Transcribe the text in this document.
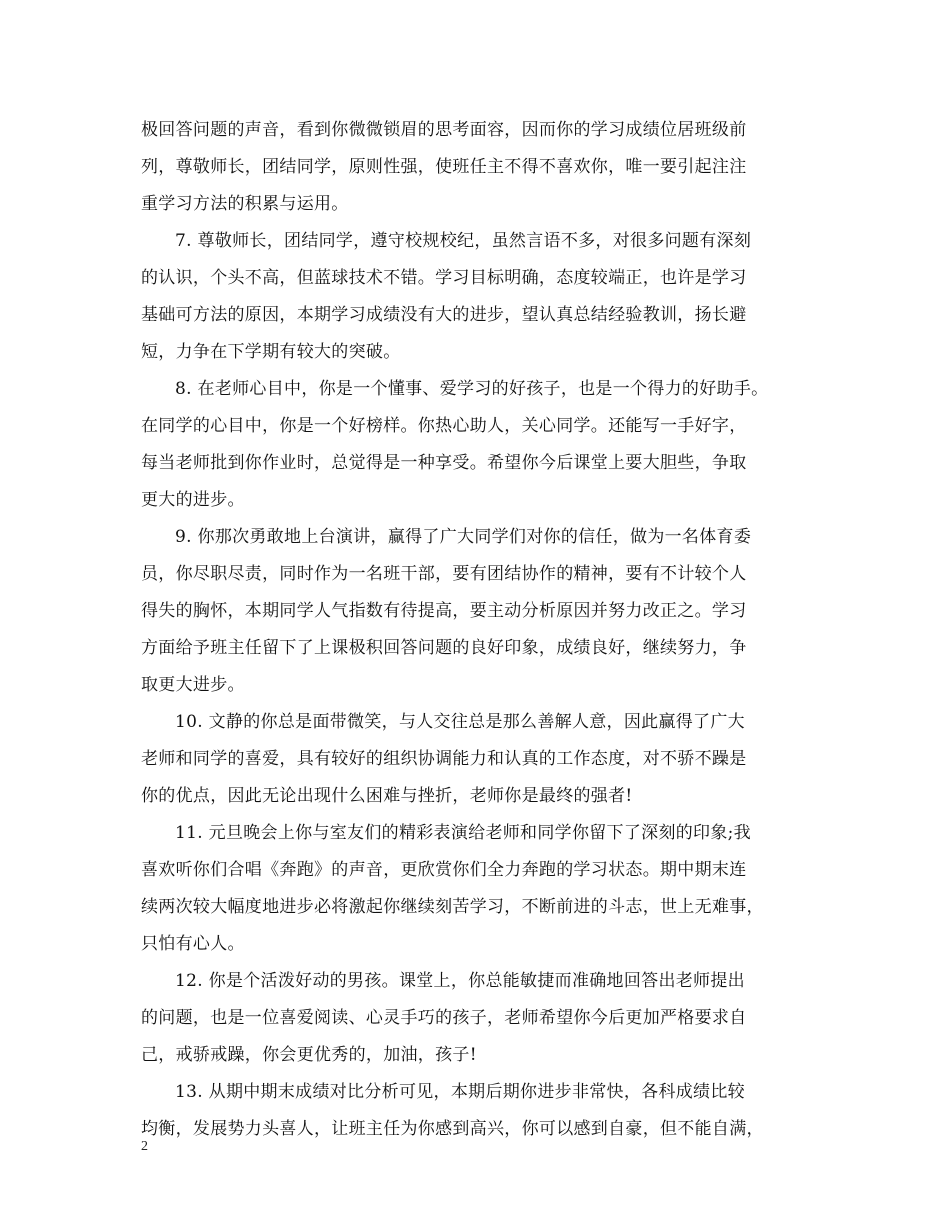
极回答问题的声音，看到你微微锁眉的思考面容，因而你的学习成绩位居班级前
列，尊敬师长，团结同学，原则性强，使班任主不得不喜欢你，唯一要引起注注
重学习方法的积累与运用。
7. 尊敬师长，团结同学，遵守校规校纪，虽然言语不多，对很多问题有深刻
的认识，个头不高，但蓝球技术不错。学习目标明确，态度较端正，也许是学习
基础可方法的原因，本期学习成绩没有大的进步，望认真总结经验教训，扬长避
短，力争在下学期有较大的突破。
8. 在老师心目中，你是一个懂事、爱学习的好孩子，也是一个得力的好助手。
在同学的心目中，你是一个好榜样。你热心助人，关心同学。还能写一手好字，
每当老师批到你作业时，总觉得是一种享受。希望你今后课堂上要大胆些，争取
更大的进步。
9. 你那次勇敢地上台演讲，赢得了广大同学们对你的信任，做为一名体育委
员，你尽职尽责，同时作为一名班干部，要有团结协作的精神，要有不计较个人
得失的胸怀，本期同学人气指数有待提高，要主动分析原因并努力改正之。学习
方面给予班主任留下了上课极积回答问题的良好印象，成绩良好，继续努力，争
取更大进步。
10. 文静的你总是面带微笑，与人交往总是那么善解人意，因此赢得了广大
老师和同学的喜爱，具有较好的组织协调能力和认真的工作态度，对不骄不躁是
你的优点，因此无论出现什么困难与挫折，老师你是最终的强者!
11. 元旦晚会上你与室友们的精彩表演给老师和同学你留下了深刻的印象;我
喜欢听你们合唱《奔跑》的声音，更欣赏你们全力奔跑的学习状态。期中期末连
续两次较大幅度地进步必将激起你继续刻苦学习，不断前进的斗志，世上无难事，
只怕有心人。
12. 你是个活泼好动的男孩。课堂上，你总能敏捷而准确地回答出老师提出
的问题，也是一位喜爱阅读、心灵手巧的孩子，老师希望你今后更加严格要求自
己，戒骄戒躁，你会更优秀的，加油，孩子!
13. 从期中期末成绩对比分析可见，本期后期你进步非常快，各科成绩比较
均衡，发展势力头喜人，让班主任为你感到高兴，你可以感到自豪，但不能自满，
2
